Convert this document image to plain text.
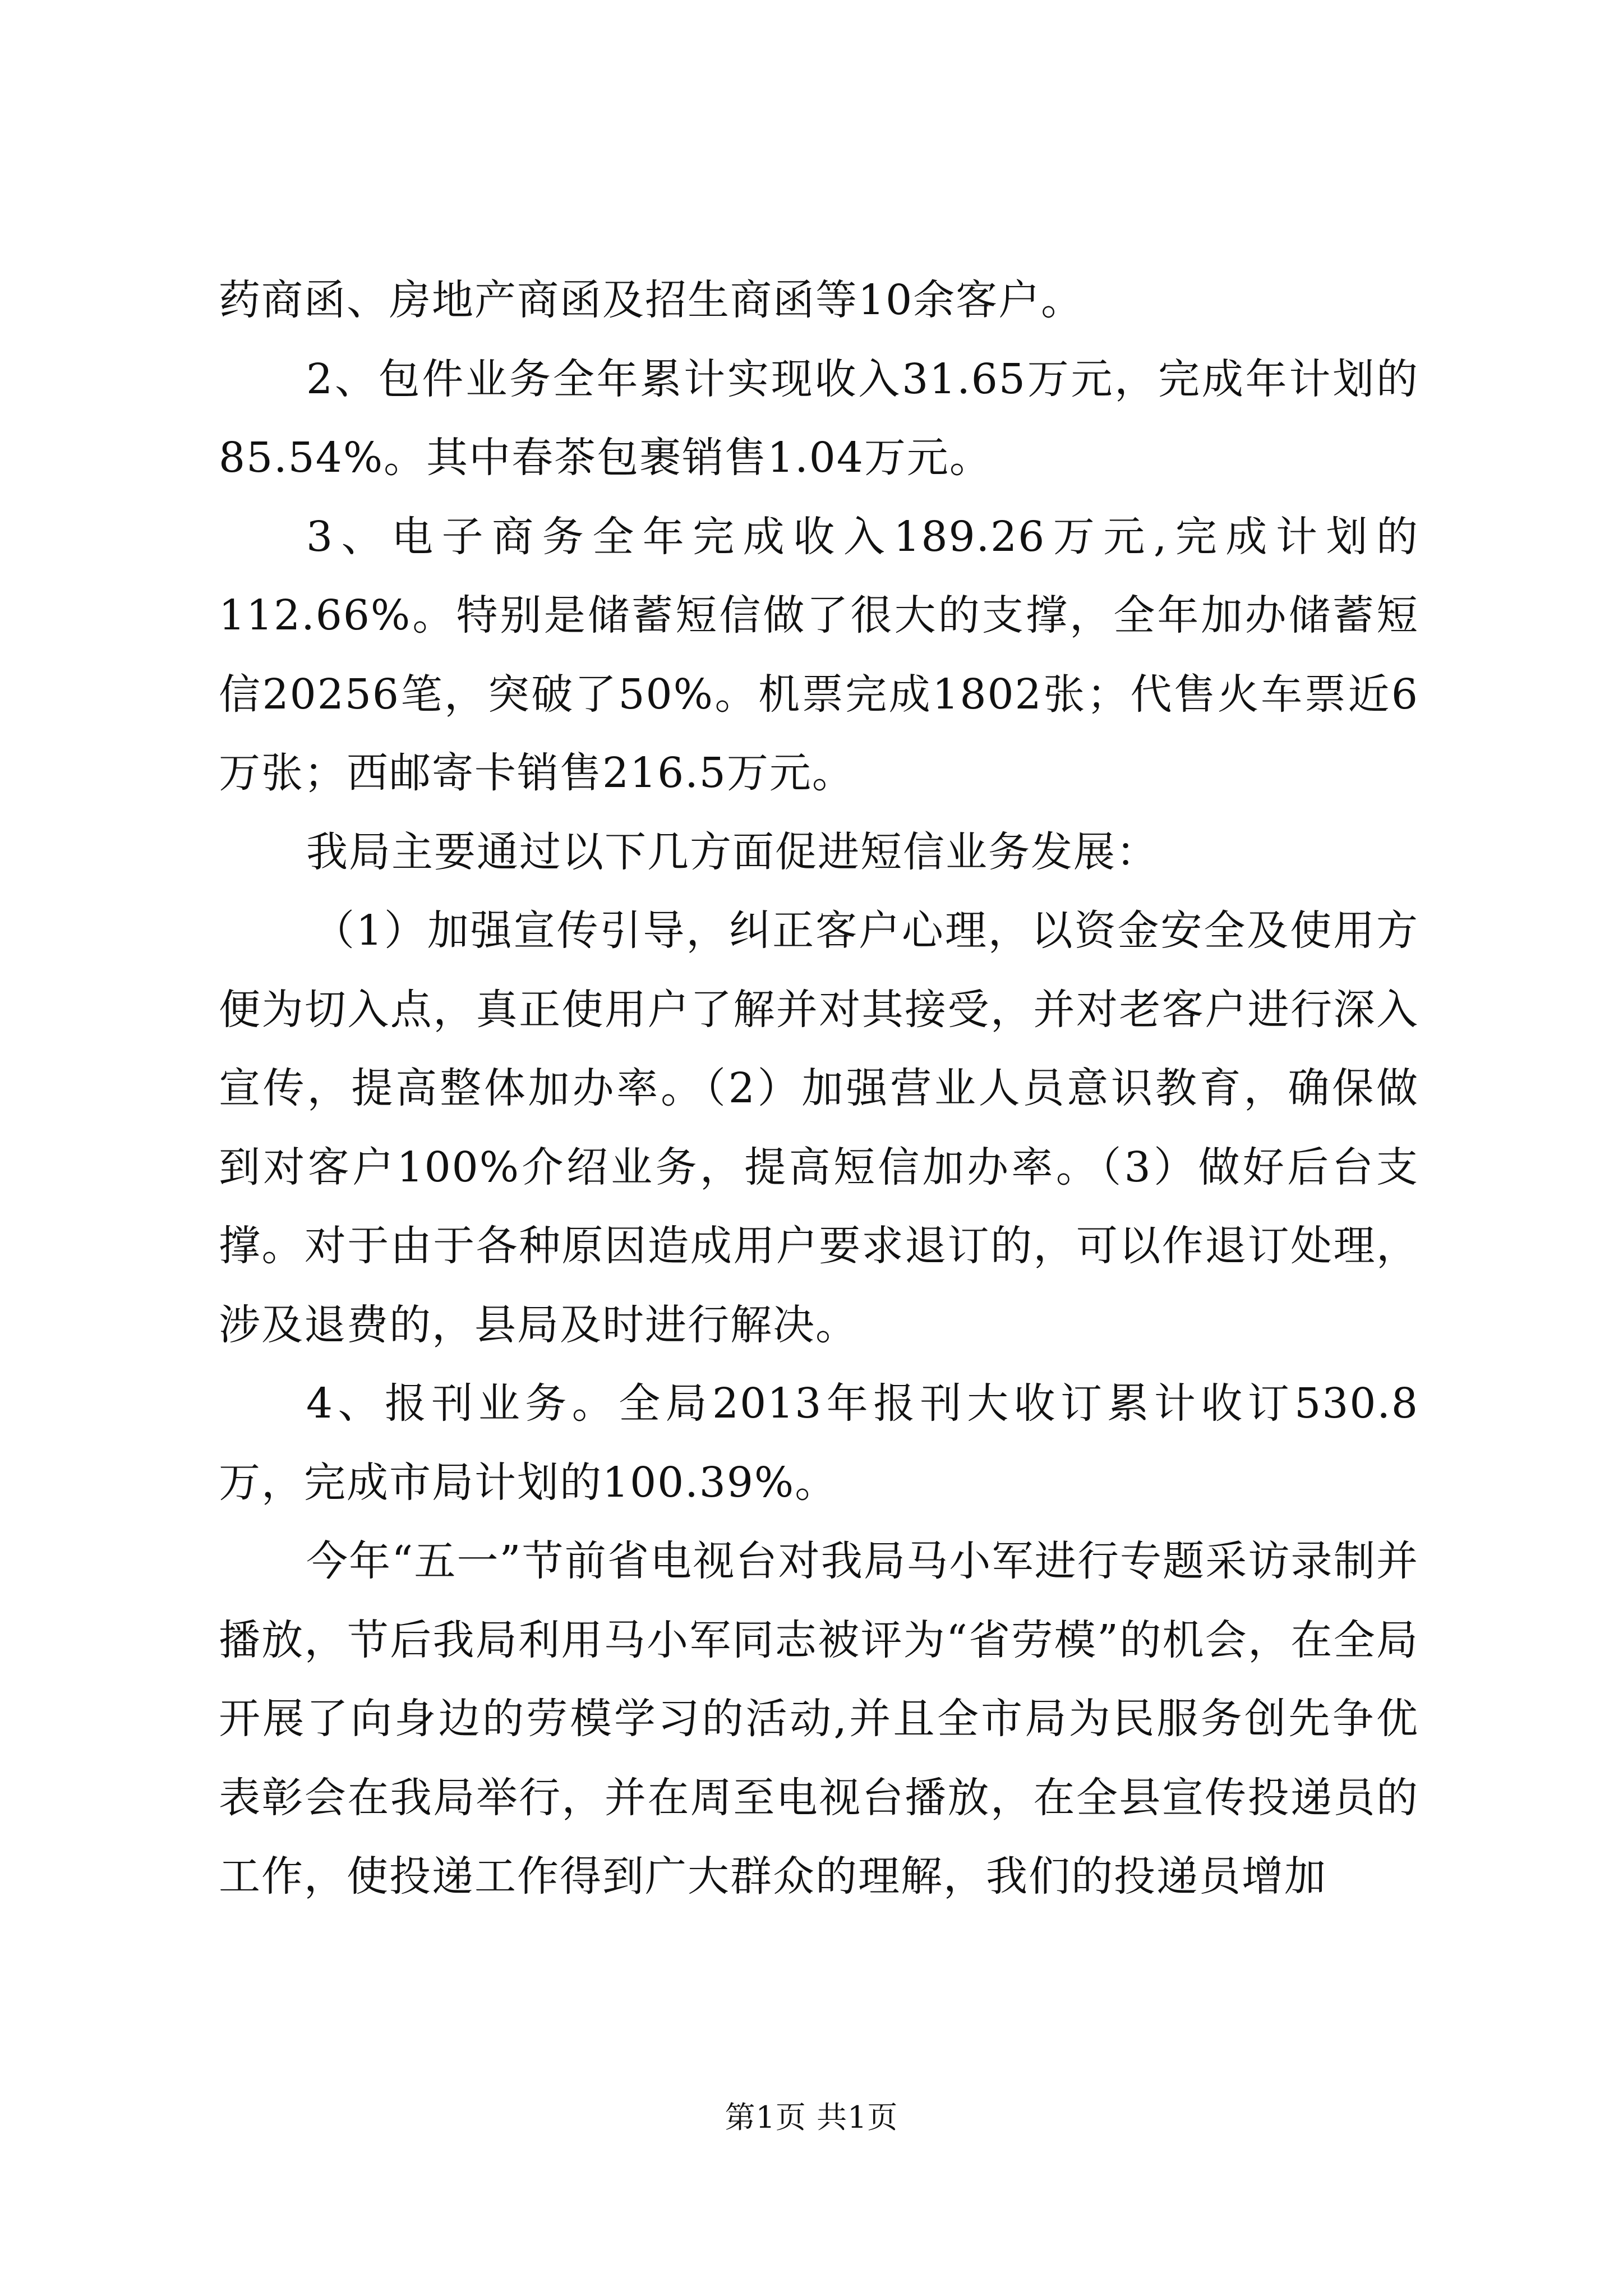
药商函、房地产商函及招生商函等10余客户。

2、包件业务全年累计实现收入31.65万元，完成年计划的85.54%。其中春茶包裹销售1.04万元。

3、电子商务全年完成收入189.26万元,完成计划的112.66%。特别是储蓄短信做了很大的支撑，全年加办储蓄短信20256笔，突破了50%。机票完成1802张；代售火车票近6万张；西邮寄卡销售216.5万元。

我局主要通过以下几方面促进短信业务发展：

（1）加强宣传引导，纠正客户心理，以资金安全及使用方便为切入点，真正使用户了解并对其接受，并对老客户进行深入宣传，提高整体加办率。（2）加强营业人员意识教育，确保做到对客户100%介绍业务，提高短信加办率。（3）做好后台支撑。对于由于各种原因造成用户要求退订的，可以作退订处理，涉及退费的，县局及时进行解决。

4、报刊业务。全局2013年报刊大收订累计收订530.8万，完成市局计划的100.39%。

今年“五一”节前省电视台对我局马小军进行专题采访录制并播放，节后我局利用马小军同志被评为“省劳模”的机会，在全局开展了向身边的劳模学习的活动,并且全市局为民服务创先争优表彰会在我局举行，并在周至电视台播放，在全县宣传投递员的工作，使投递工作得到广大群众的理解，我们的投递员增加

第1页 共1页
